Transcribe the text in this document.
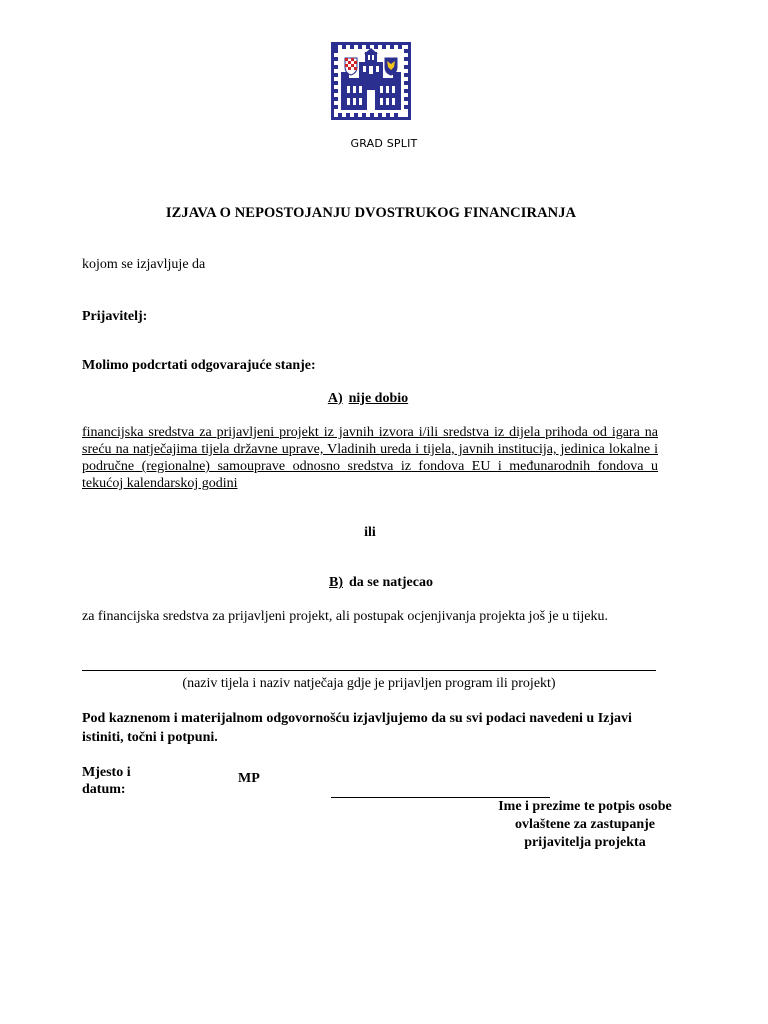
GRAD SPLIT
IZJAVA O NEPOSTOJANJU DVOSTRUKOG FINANCIRANJA
kojom se izjavljuje da
Prijavitelj:
Molimo podcrtati odgovarajuće stanje:
A) nije dobio
financijska sredstva za prijavljeni projekt iz javnih izvora i/ili sredstva iz dijela prihoda od igara na sreću na natječajima tijela državne uprave, Vladinih ureda i tijela, javnih institucija, jedinica lokalne i područne (regionalne) samouprave odnosno sredstva iz fondova EU i međunarodnih fondova u tekućoj kalendarskoj godini
ili
B) da se natjecao
za financijska sredstva za prijavljeni projekt, ali postupak ocjenjivanja projekta još je u tijeku.
(naziv tijela i naziv natječaja gdje je prijavljen program ili projekt)
Pod kaznenom i materijalnom odgovornošću izjavljujemo da su svi podaci navedeni u Izjavi istiniti, točni i potpuni.
Mjesto i datum:
MP
Ime i prezime te potpis osobe ovlaštene za zastupanje prijavitelja projekta
